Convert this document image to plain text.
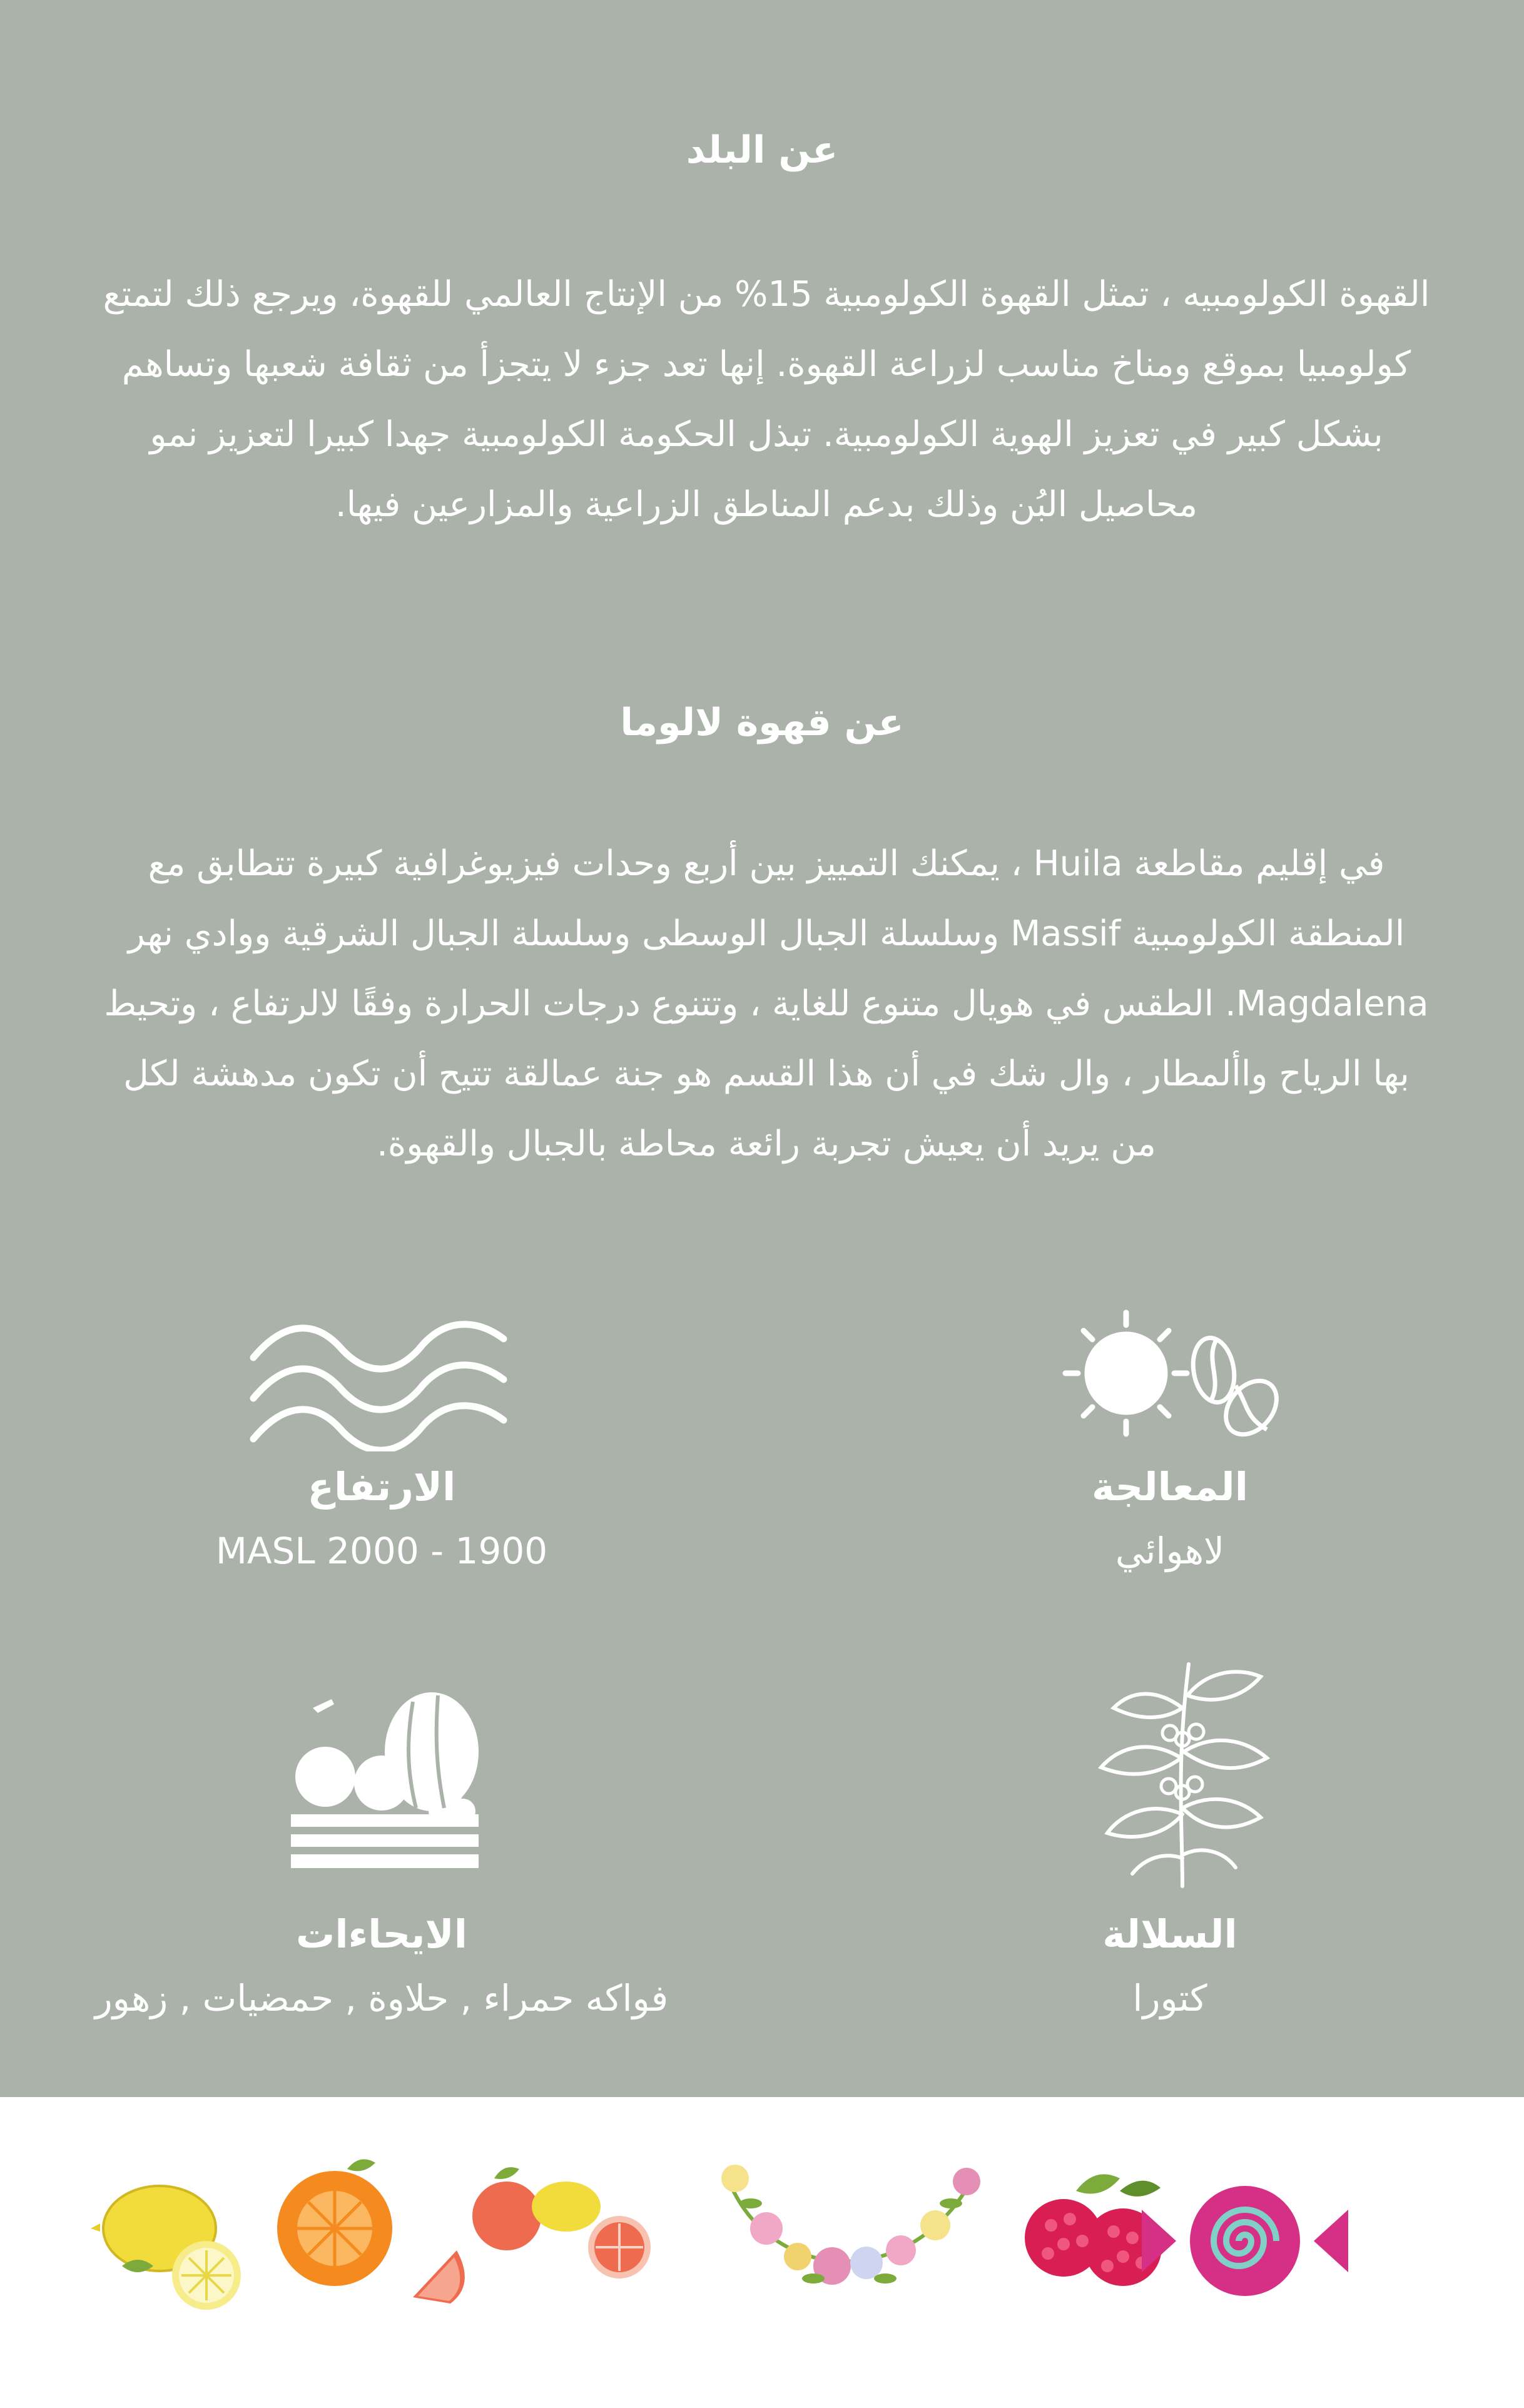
عن البلد

القهوة الكولومبيه ، تمثل القهوة الكولومبية 15% من الإنتاج العالمي للقهوة، ويرجع ذلك لتمتع كولومبيا بموقع ومناخ مناسب لزراعة القهوة. إنها تعد جزء لا يتجزأ من ثقافة شعبها وتساهم بشكل كبير في تعزيز الهوية الكولومبية. تبذل الحكومة الكولومبية جهدا كبيرا لتعزيز نمو محاصيل البُن وذلك بدعم المناطق الزراعية والمزارعين فيها.

عن قهوة لالوما

في إقليم مقاطعة Huila ، يمكنك التمييز بين أربع وحدات فيزيوغرافية كبيرة تتطابق مع المنطقة الكولومبية Massif وسلسلة الجبال الوسطى وسلسلة الجبال الشرقية ووادي نهر Magdalena. الطقس في هويال متنوع للغاية ، وتتنوع درجات الحرارة وفقًا لالرتفاع ، وتحيط بها الرياح واألمطار ، وال شك في أن هذا القسم هو جنة عمالقة تتيح أن تكون مدهشة لكل من يريد أن يعيش تجربة رائعة محاطة بالجبال والقهوة.

الارتفاع

1900 - 2000 MASL

المعالجة

لاهوائي

الايحاءات

فواكه حمراء , حلاوة , حمضيات , زهور

السلالة

كتورا
